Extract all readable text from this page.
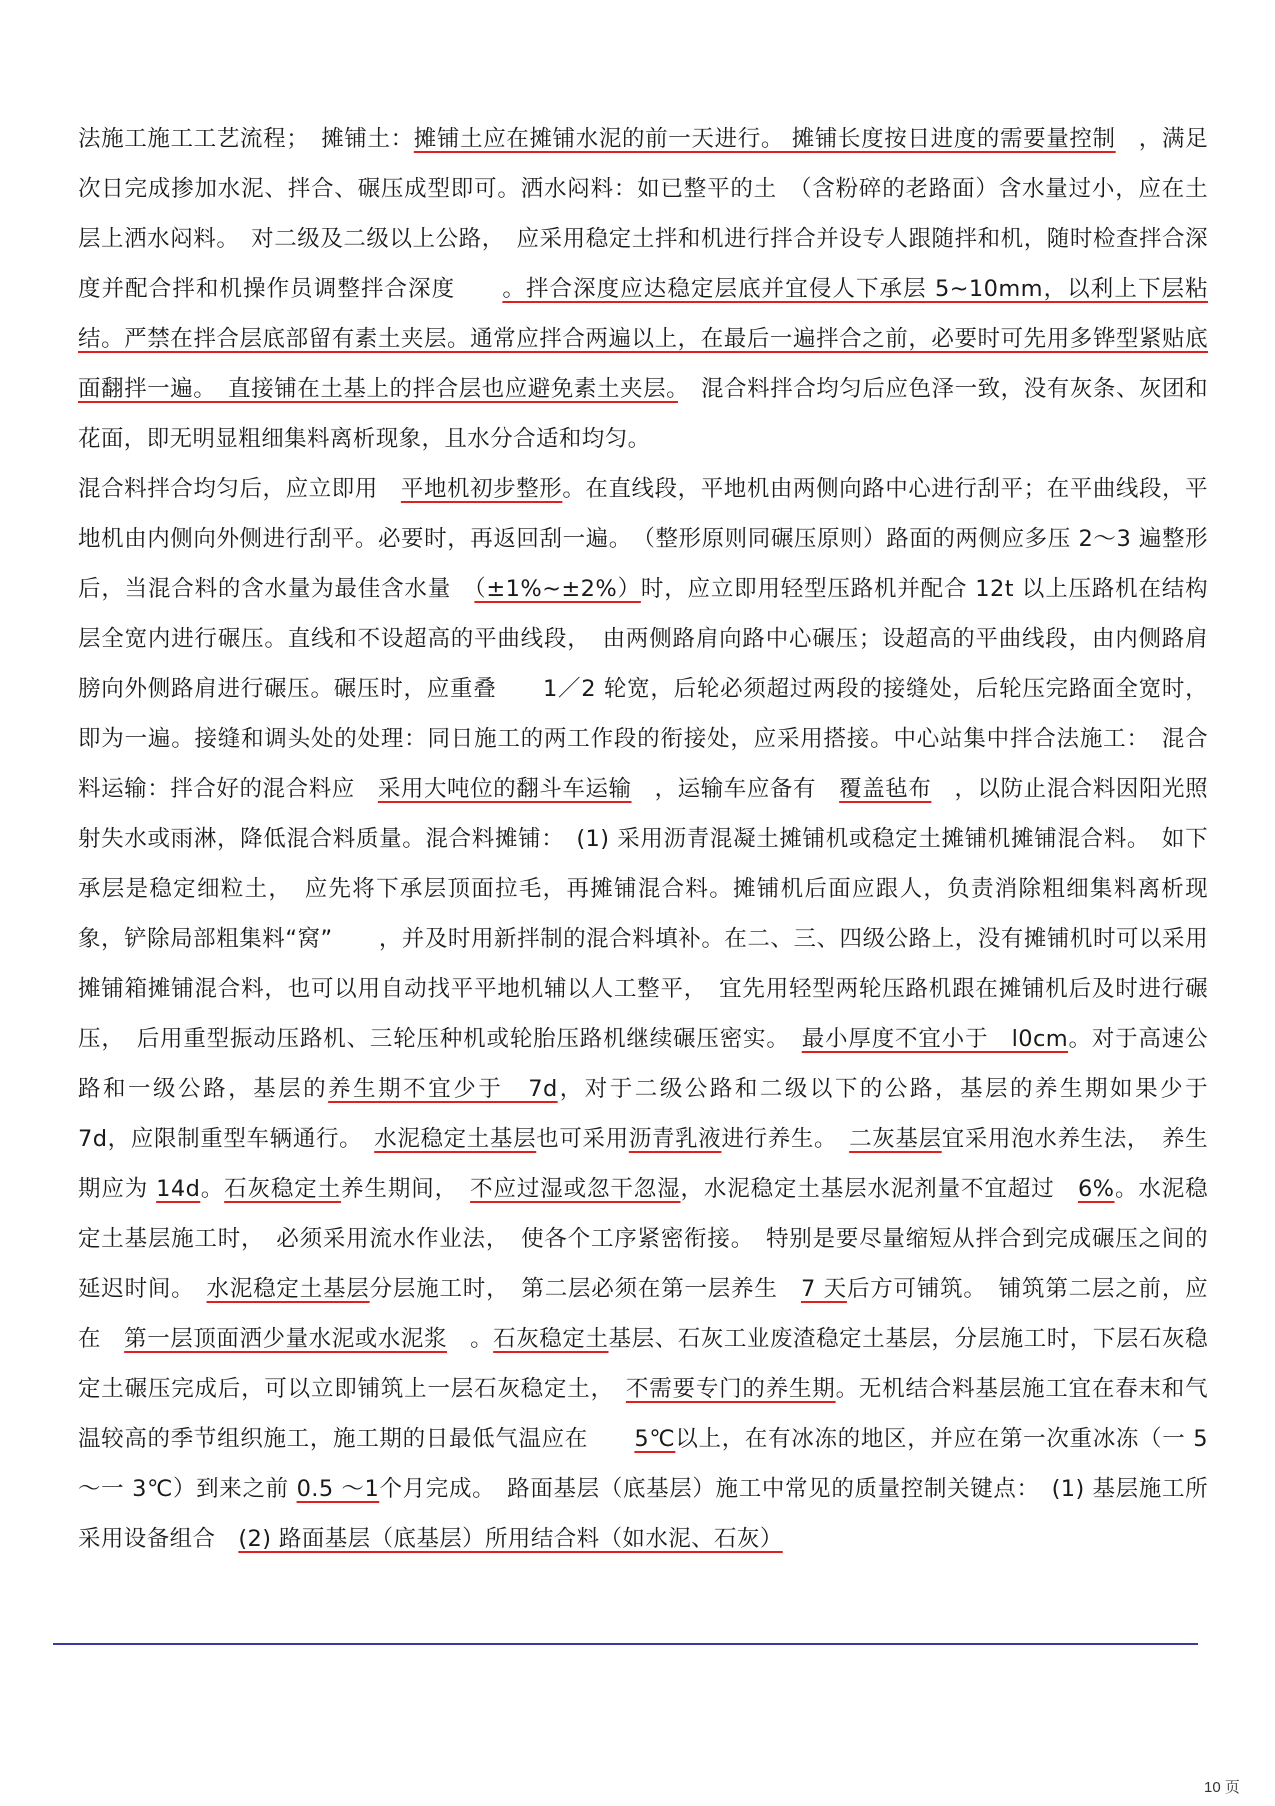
法施工施工工艺流程；　摊铺土：摊铺土应在摊铺水泥的前一天进行。 摊铺长度按日进度的需要量控制　，满足次日完成掺加水泥、拌合、碾压成型即可。洒水闷料：如已整平的土　（含粉碎的老路面）含水量过小，应在土层上洒水闷料。　对二级及二级以上公路，　应采用稳定土拌和机进行拌合并设专人跟随拌和机，随时检查拌合深度并配合拌和机操作员调整拌合深度　　。拌合深度应达稳定层底并宜侵人下承层 5~10mm，以利上下层粘结。严禁在拌合层底部留有素土夹层。通常应拌合两遍以上，在最后一遍拌合之前，必要时可先用多铧型紧贴底面翻拌一遍。　直接铺在土基上的拌合层也应避免素土夹层。　混合料拌合均匀后应色泽一致，没有灰条、灰团和花面，即无明显粗细集料离析现象，且水分合适和均匀。
混合料拌合均匀后，应立即用　平地机初步整形。在直线段，平地机由两侧向路中心进行刮平；在平曲线段，平地机由内侧向外侧进行刮平。必要时，再返回刮一遍。　（整形原则同碾压原则）路面的两侧应多压 2～3 遍整形后，当混合料的含水量为最佳含水量　（±1%~±2%）时，应立即用轻型压路机并配合 12t 以上压路机在结构层全宽内进行碾压。直线和不设超高的平曲线段，　由两侧路肩向路中心碾压；设超高的平曲线段，由内侧路肩膀向外侧路肩进行碾压。碾压时，应重叠　　1／2 轮宽，后轮必须超过两段的接缝处，后轮压完路面全宽时，即为一遍。接缝和调头处的处理：同日施工的两工作段的衔接处，应采用搭接。中心站集中拌合法施工：　混合料运输：拌合好的混合料应　采用大吨位的翻斗车运输　，运输车应备有　覆盖毡布　，以防止混合料因阳光照射失水或雨淋，降低混合料质量。混合料摊铺：　(1) 采用沥青混凝土摊铺机或稳定土摊铺机摊铺混合料。　如下承层是稳定细粒土，　应先将下承层顶面拉毛，再摊铺混合料。摊铺机后面应跟人，负责消除粗细集料离析现象，铲除局部粗集料“窝”　　，并及时用新拌制的混合料填补。在二、三、四级公路上，没有摊铺机时可以采用摊铺箱摊铺混合料，也可以用自动找平平地机辅以人工整平，　宜先用轻型两轮压路机跟在摊铺机后及时进行碾压，　后用重型振动压路机、三轮压种机或轮胎压路机继续碾压密实。　最小厚度不宜小于　l0cm。对于高速公路和一级公路，基层的养生期不宜少于　7d，对于二级公路和二级以下的公路，基层的养生期如果少于　　7d，应限制重型车辆通行。　水泥稳定土基层也可采用沥青乳液进行养生。　二灰基层宜采用泡水养生法，　养生期应为 14d。石灰稳定土养生期间，　不应过湿或忽干忽湿，水泥稳定土基层水泥剂量不宜超过　6%。水泥稳定土基层施工时，　必须采用流水作业法，　使各个工序紧密衔接。　特别是要尽量缩短从拌合到完成碾压之间的延迟时间。　水泥稳定土基层分层施工时，　第二层必须在第一层养生　7 天后方可铺筑。　铺筑第二层之前，应在　第一层顶面洒少量水泥或水泥浆　。石灰稳定土基层、石灰工业废渣稳定土基层，分层施工时，下层石灰稳定土碾压完成后，可以立即铺筑上一层石灰稳定土，　不需要专门的养生期。无机结合料基层施工宜在春末和气温较高的季节组织施工，施工期的日最低气温应在　　5℃以上，在有冰冻的地区，并应在第一次重冰冻（一 5～一 3℃）到来之前 0.5 ～1个月完成。　路面基层（底基层）施工中常见的质量控制关键点：　(1) 基层施工所采用设备组合　(2) 路面基层（底基层）所用结合料（如水泥、石灰）
10 页
